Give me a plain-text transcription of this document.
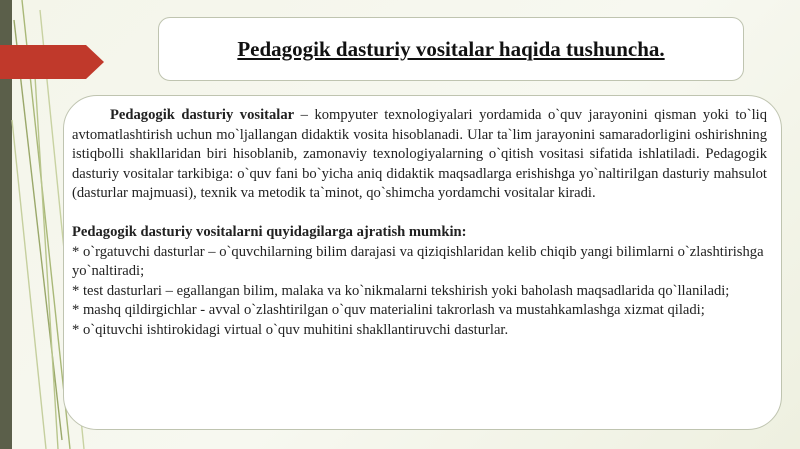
Pedagogik dasturiy vositalar haqida tushuncha.

Pedagogik dasturiy vositalar – kompyuter texnologiyalari yordamida o`quv jarayonini qisman yoki to`liq avtomatlashtirish uchun mo`ljallangan didaktik vosita hisoblanadi. Ular ta`lim jarayonini samaradorligini oshirishning istiqbolli shakllaridan biri hisoblanib, zamonaviy texnologiyalarning o`qitish vositasi sifatida ishlatiladi. Pedagogik dasturiy vositalar tarkibiga: o`quv fani bo`yicha aniq didaktik maqsadlarga erishishga yo`naltirilgan dasturiy mahsulot (dasturlar majmuasi), texnik va metodik ta`minot, qo`shimcha yordamchi vositalar kiradi.

Pedagogik dasturiy vositalarni quyidagilarga ajratish mumkin:

* o`rgatuvchi dasturlar – o`quvchilarning bilim darajasi va qiziqishlaridan kelib chiqib yangi bilimlarni o`zlashtirishga yo`naltiradi;

* test dasturlari – egallangan bilim, malaka va ko`nikmalarni tekshirish yoki baholash maqsadlarida qo`llaniladi;

* mashq qildirgichlar - avval o`zlashtirilgan o`quv materialini takrorlash va mustahkamlashga xizmat qiladi;

* o`qituvchi ishtirokidagi virtual o`quv muhitini shakllantiruvchi dasturlar.
